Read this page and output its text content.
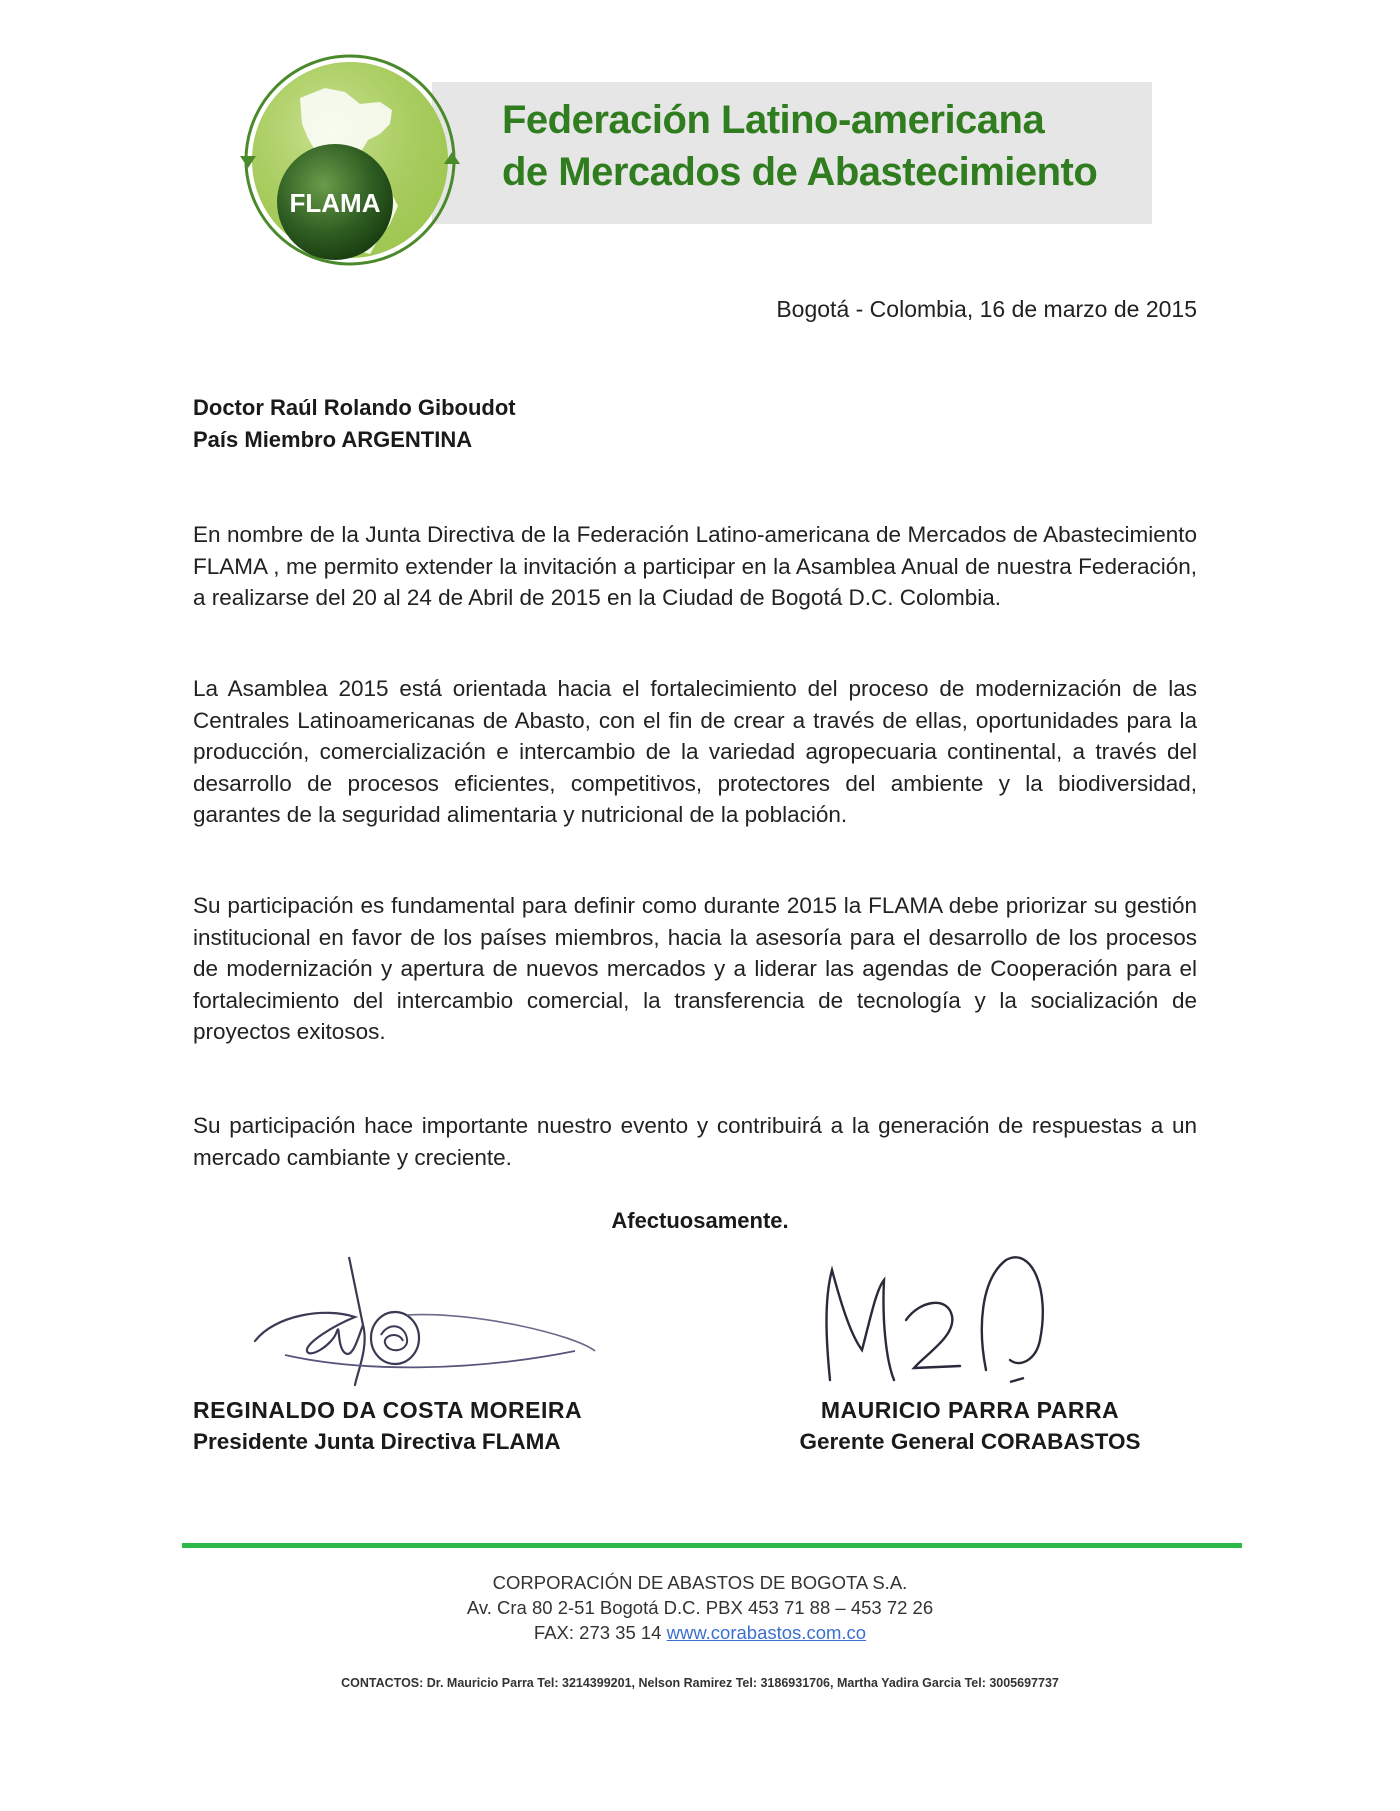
FLAMA
Federación Latino-americana
de Mercados de Abastecimiento
Bogotá - Colombia, 16 de marzo de 2015
Doctor Raúl Rolando Giboudot
País Miembro ARGENTINA
En nombre de la Junta Directiva de la Federación Latino-americana de Mercados de Abastecimiento FLAMA , me permito extender la invitación a participar en la Asamblea Anual de nuestra Federación, a realizarse del 20 al 24 de Abril de 2015 en la Ciudad de Bogotá D.C. Colombia.
La Asamblea 2015 está orientada hacia el fortalecimiento del proceso de modernización de las Centrales Latinoamericanas de Abasto, con el fin de crear a través de ellas, oportunidades para la producción, comercialización e intercambio de la variedad agropecuaria continental, a través del desarrollo de procesos eficientes, competitivos, protectores del ambiente y la biodiversidad, garantes de la seguridad alimentaria y nutricional de la población.
Su participación es fundamental para definir como durante 2015 la FLAMA debe priorizar su gestión institucional en favor de los países miembros, hacia la asesoría para el desarrollo de los procesos de modernización y apertura de nuevos mercados y a liderar las agendas de Cooperación para el fortalecimiento del intercambio comercial, la transferencia de tecnología y la socialización de proyectos exitosos.
Su participación hace importante nuestro evento y contribuirá a la generación de respuestas a un mercado cambiante y creciente.
Afectuosamente.
REGINALDO DA COSTA MOREIRA
Presidente Junta Directiva FLAMA
MAURICIO PARRA PARRA
Gerente General CORABASTOS
CORPORACIÓN DE ABASTOS DE BOGOTA S.A.
Av. Cra 80 2-51 Bogotá D.C. PBX 453 71 88 – 453 72 26
FAX: 273 35 14 www.corabastos.com.co
CONTACTOS: Dr. Mauricio Parra Tel: 3214399201, Nelson Ramirez Tel: 3186931706, Martha Yadira Garcia Tel: 3005697737
